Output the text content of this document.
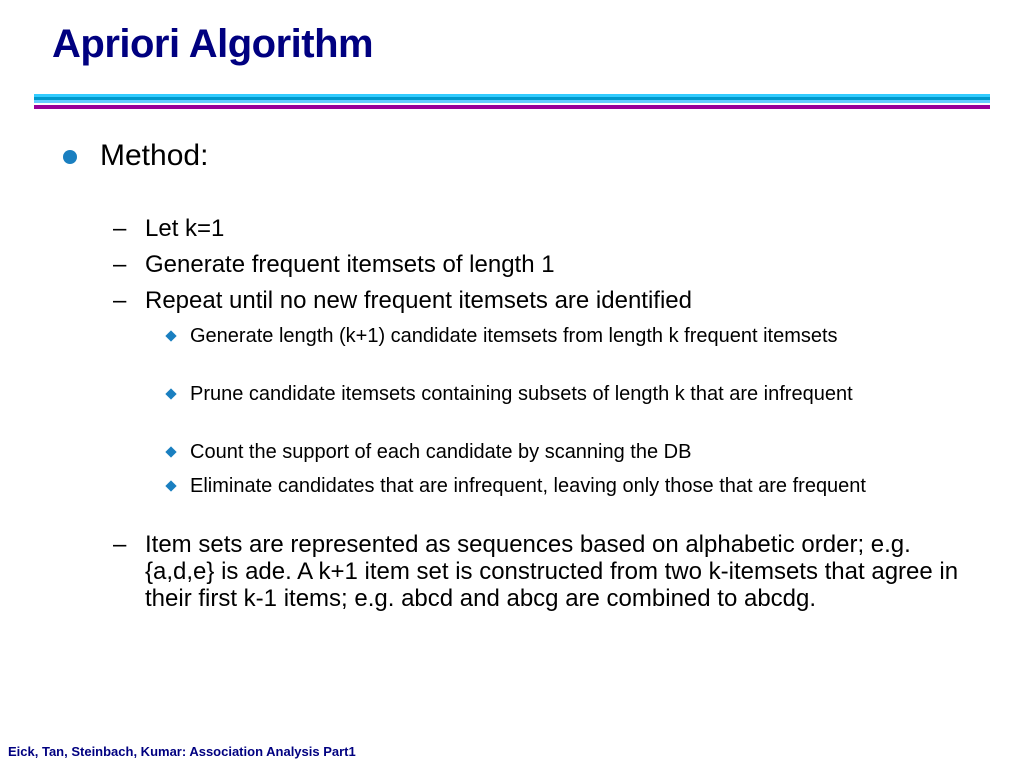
Apriori Algorithm
Method:
– Let k=1
– Generate frequent itemsets of length 1
– Repeat until no new frequent itemsets are identified
Generate length (k+1) candidate itemsets from length k frequent itemsets
Prune candidate itemsets containing subsets of length k that are infrequent
Count the support of each candidate by scanning the DB
Eliminate candidates that are infrequent, leaving only those that are frequent
– Item sets are represented as sequences based on alphabetic order; e.g. {a,d,e} is ade. A k+1 item set is constructed from two k-itemsets that agree in their first k-1 items; e.g. abcd and abcg are combined to abcdg.
Eick, Tan, Steinbach, Kumar: Association Analysis Part1
